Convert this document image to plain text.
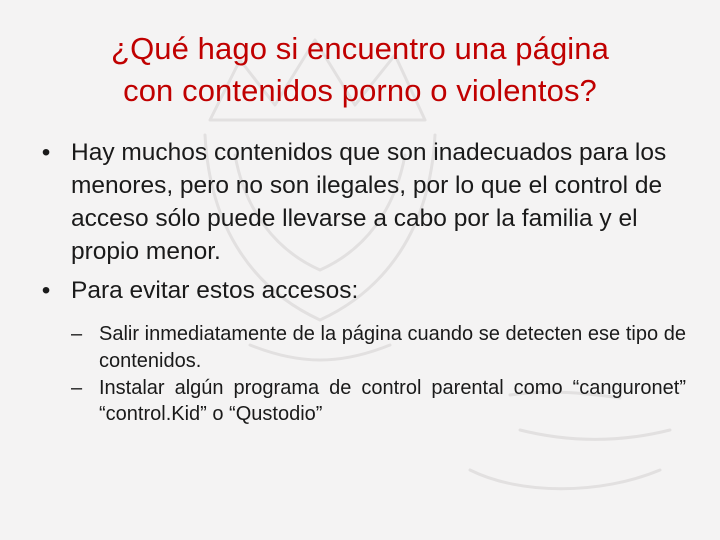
¿Qué hago si encuentro una página
con contenidos porno o violentos?
• Hay muchos contenidos que son inadecuados para los menores, pero no son ilegales, por lo que el control de acceso sólo puede llevarse a cabo por la familia y el propio menor.
• Para evitar estos accesos:
– Salir inmediatamente de la página cuando se detecten ese tipo de contenidos.
– Instalar algún programa de control parental como “canguronet” “control.Kid” o “Qustodio”
